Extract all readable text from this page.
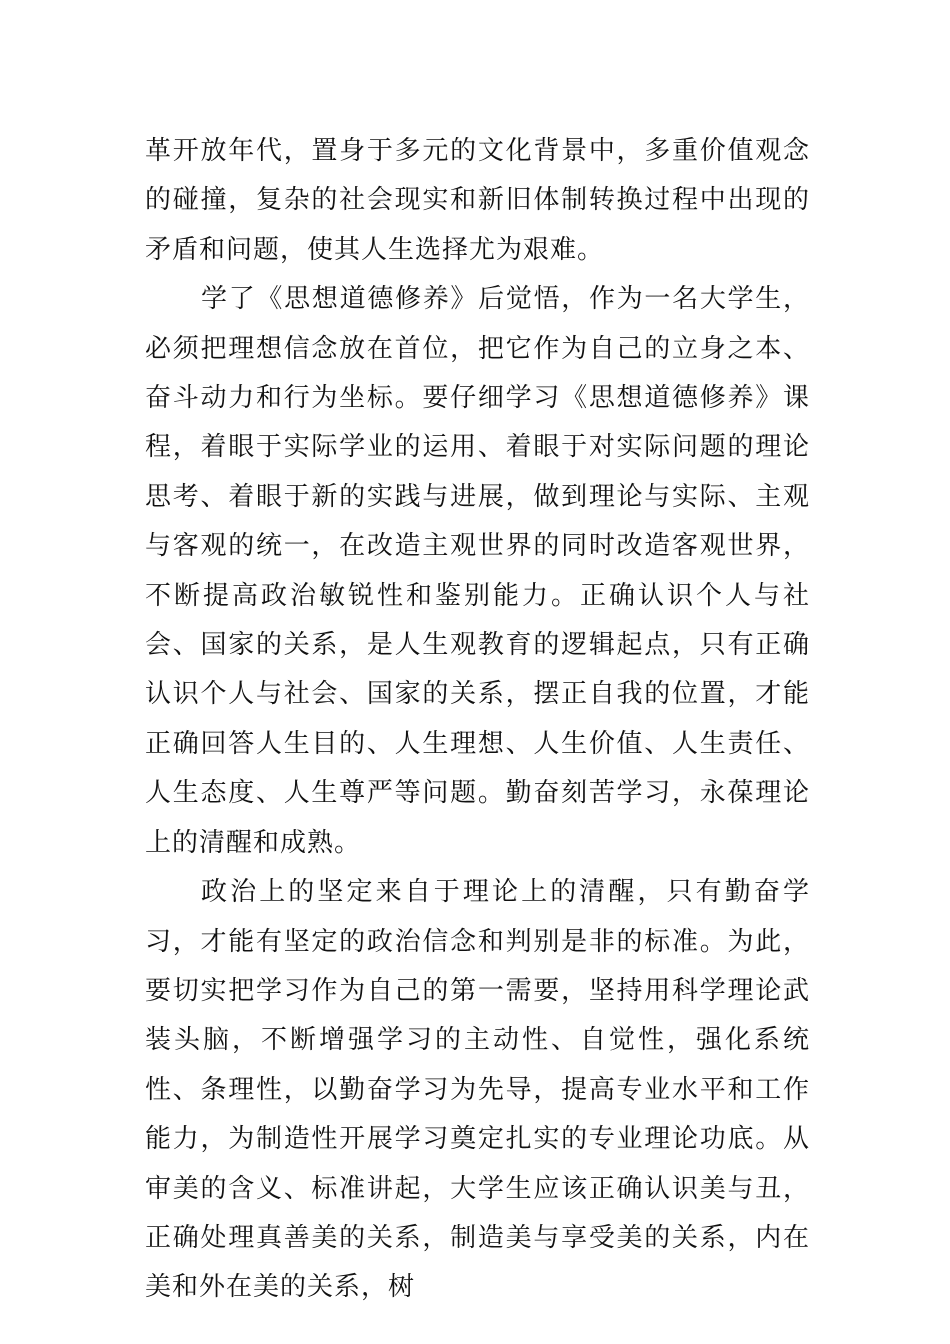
革开放年代，置身于多元的文化背景中，多重价值观念的碰撞，复杂的社会现实和新旧体制转换过程中出现的矛盾和问题，使其人生选择尤为艰难。

学了《思想道德修养》后觉悟，作为一名大学生，必须把理想信念放在首位，把它作为自己的立身之本、奋斗动力和行为坐标。要仔细学习《思想道德修养》课程，着眼于实际学业的运用、着眼于对实际问题的理论思考、着眼于新的实践与进展，做到理论与实际、主观与客观的统一，在改造主观世界的同时改造客观世界，不断提高政治敏锐性和鉴别能力。正确认识个人与社会、国家的关系，是人生观教育的逻辑起点，只有正确认识个人与社会、国家的关系，摆正自我的位置，才能正确回答人生目的、人生理想、人生价值、人生责任、人生态度、人生尊严等问题。勤奋刻苦学习，永葆理论上的清醒和成熟。

政治上的坚定来自于理论上的清醒，只有勤奋学习，才能有坚定的政治信念和判别是非的标准。为此，要切实把学习作为自己的第一需要，坚持用科学理论武装头脑，不断增强学习的主动性、自觉性，强化系统性、条理性，以勤奋学习为先导，提高专业水平和工作能力，为制造性开展学习奠定扎实的专业理论功底。从审美的含义、标准讲起，大学生应该正确认识美与丑，正确处理真善美的关系，制造美与享受美的关系，内在美和外在美的关系，树
